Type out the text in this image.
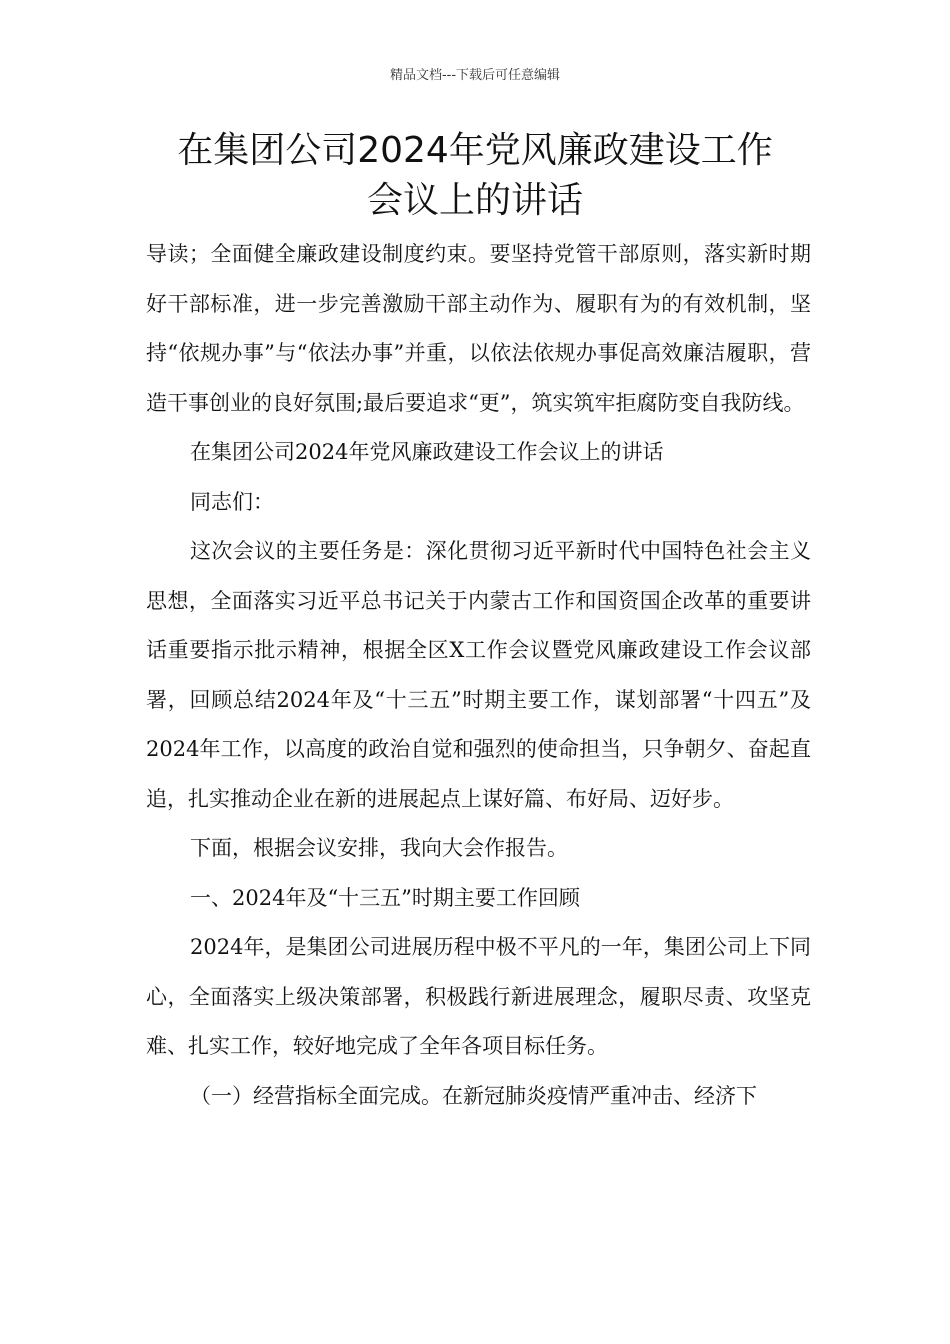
精品文档---下载后可任意编辑
在集团公司2024年党风廉政建设工作
会议上的讲话

导读；全面健全廉政建设制度约束。要坚持党管干部原则，落实新时期好干部标准，进一步完善激励干部主动作为、履职有为的有效机制，坚持“依规办事”与“依法办事”并重，以依法依规办事促高效廉洁履职，营造干事创业的良好氛围;最后要追求“更”，筑实筑牢拒腐防变自我防线。

在集团公司2024年党风廉政建设工作会议上的讲话

同志们：

这次会议的主要任务是：深化贯彻习近平新时代中国特色社会主义思想，全面落实习近平总书记关于内蒙古工作和国资国企改革的重要讲话重要指示批示精神，根据全区X工作会议暨党风廉政建设工作会议部署，回顾总结2024年及“十三五”时期主要工作，谋划部署“十四五”及2024年工作，以高度的政治自觉和强烈的使命担当，只争朝夕、奋起直追，扎实推动企业在新的进展起点上谋好篇、布好局、迈好步。

下面，根据会议安排，我向大会作报告。

一、2024年及“十三五”时期主要工作回顾

2024年，是集团公司进展历程中极不平凡的一年，集团公司上下同心，全面落实上级决策部署，积极践行新进展理念，履职尽责、攻坚克难、扎实工作，较好地完成了全年各项目标任务。

（一）经营指标全面完成。在新冠肺炎疫情严重冲击、经济下
